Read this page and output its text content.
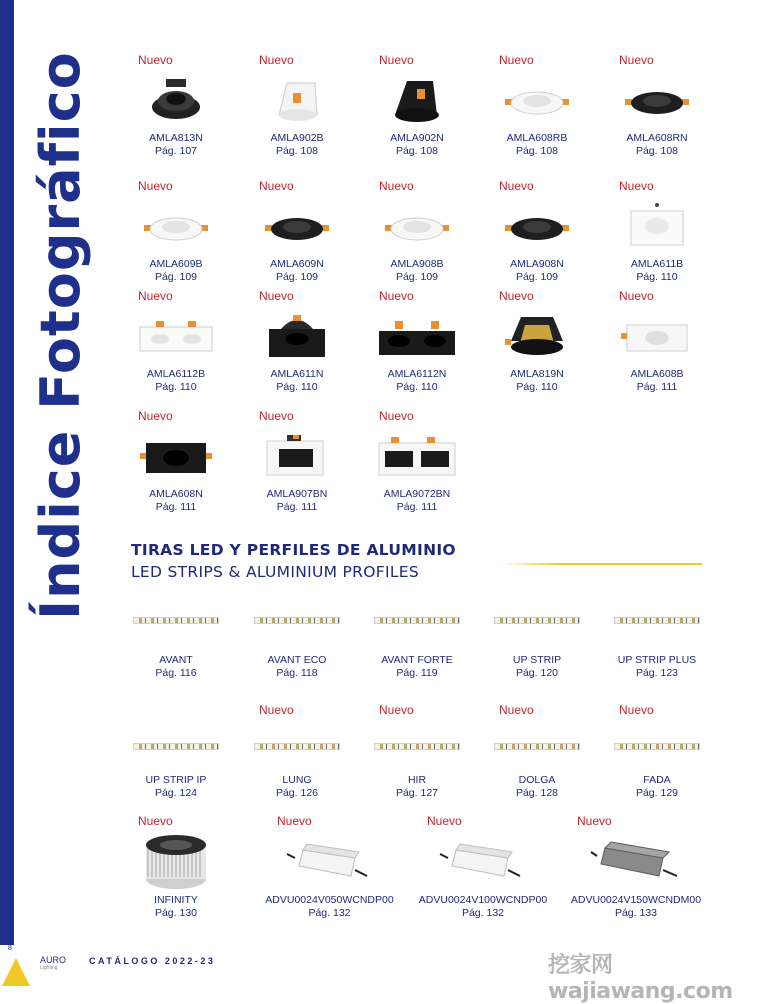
Índice Fotográfico	Nuevo
AMLA813N
Pág. 107
Nuevo
AMLA902B
Pág. 108
Nuevo
AMLA902N
Pág. 108
Nuevo
AMLA608RB
Pág. 108
Nuevo
AMLA608RN
Pág. 108
Nuevo
AMLA609B
Pág. 109
Nuevo
AMLA609N
Pág. 109
Nuevo
AMLA908B
Pág. 109
Nuevo
AMLA908N
Pág. 109
Nuevo
AMLA611B
Pág. 110
Nuevo
AMLA6112B
Pág. 110
Nuevo
AMLA611N
Pág. 110
Nuevo
AMLA6112N
Pág. 110
Nuevo
AMLA819N
Pág. 110
Nuevo
AMLA608B
Pág. 111
Nuevo
AMLA608N
Pág. 111
Nuevo
AMLA907BN
Pág. 111
Nuevo
AMLA9072BN
Pág. 111
AVANT
Pág. 116
AVANT ECO
Pág. 118
AVANT FORTE
Pág. 119
UP STRIP
Pág. 120
UP STRIP PLUS
Pág. 123
UP STRIP IP
Pág. 124
Nuevo
LUNG
Pág. 126
Nuevo
HIR
Pág. 127
Nuevo
DOLGA
Pág. 128
Nuevo
FADA
Pág. 129
Nuevo
INFINITY
Pág. 130
Nuevo
ADVU0024V050WCNDP00
Pág. 132
Nuevo
ADVU0024V100WCNDP00
Pág. 132
Nuevo
ADVU0024V150WCNDM00
Pág. 133
TIRAS LED Y PERFILES DE ALUMINIO
LED STRIPS & ALUMINIUM PROFILES
8
AURO
Lighting
CATÁLOGO 2022-23	挖家网 wajiawang.com
